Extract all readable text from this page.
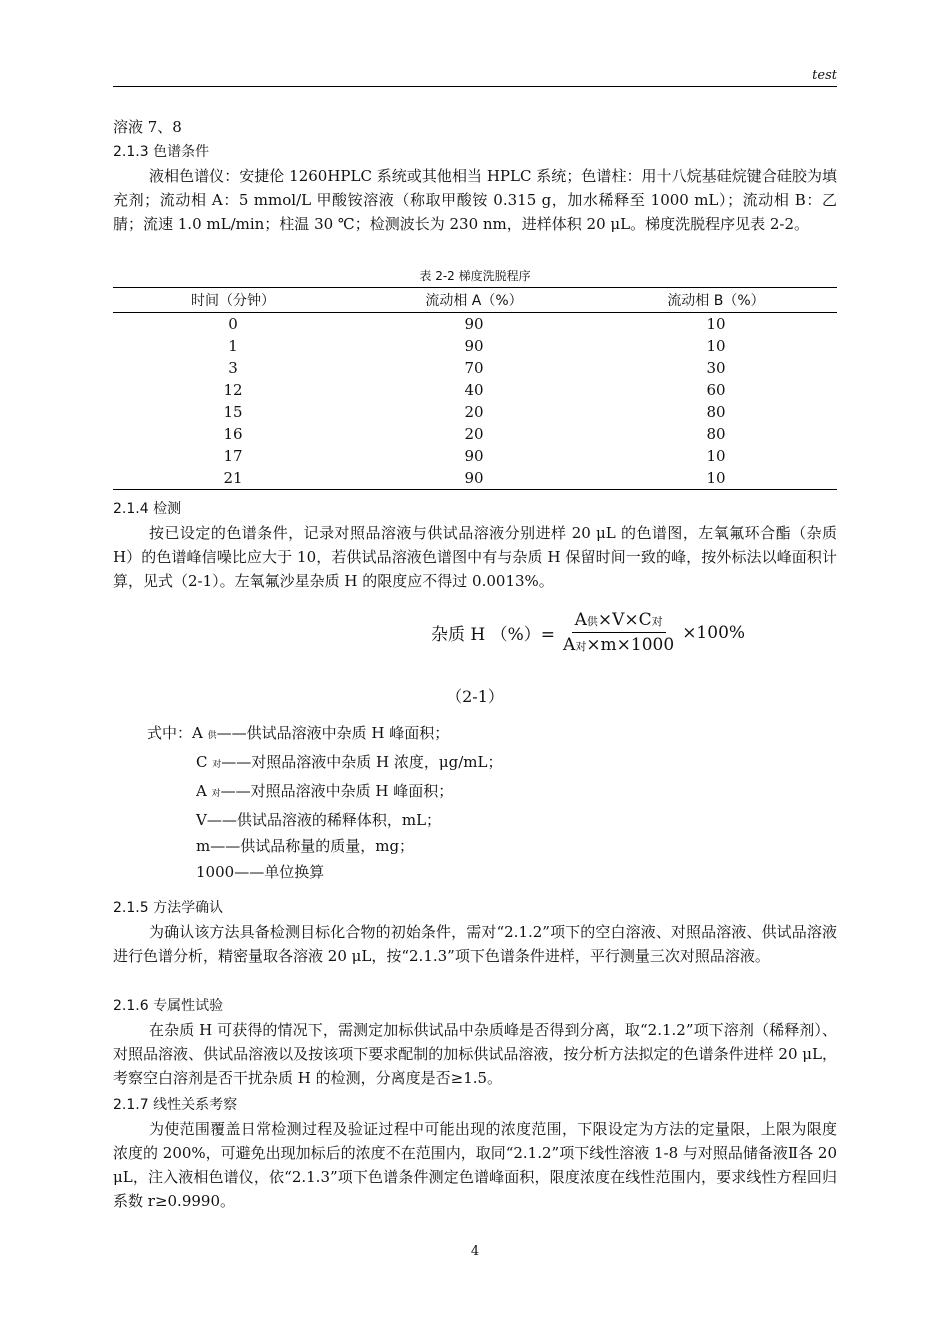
test
溶液 7、8
2.1.3 色谱条件
液相色谱仪：安捷伦 1260HPLC 系统或其他相当 HPLC 系统；色谱柱：用十八烷基硅烷键合硅胶为填充剂；流动相 A：5 mmol/L 甲酸铵溶液（称取甲酸铵 0.315 g，加水稀释至 1000 mL）；流动相 B：乙腈；流速 1.0 mL/min；柱温 30 ℃；检测波长为 230 nm，进样体积 20 μL。梯度洗脱程序见表 2-2。
表 2-2 梯度洗脱程序
时间（分钟）	流动相 A（%）	流动相 B（%）
0	90	10
1	90	10
3	70	30
12	40	60
15	20	80
16	20	80
17	90	10
21	90	10
2.1.4 检测
按已设定的色谱条件，记录对照品溶液与供试品溶液分别进样 20 μL 的色谱图，左氧氟环合酯（杂质 H）的色谱峰信噪比应大于 10，若供试品溶液色谱图中有与杂质 H 保留时间一致的峰，按外标法以峰面积计算，见式（2-1）。左氧氟沙星杂质 H 的限度应不得过 0.0013%。
杂质 H （%）= $\frac{\text{A供×V×C对}}{\text{A对×m×1000}} \times 100\%$
（2-1）
式中：A 供——供试品溶液中杂质 H 峰面积；
C 对——对照品溶液中杂质 H 浓度，μg/mL；
A 对——对照品溶液中杂质 H 峰面积；
V——供试品溶液的稀释体积，mL；
m——供试品称量的质量，mg；
1000——单位换算
2.1.5 方法学确认
为确认该方法具备检测目标化合物的初始条件，需对“2.1.2”项下的空白溶液、对照品溶液、供试品溶液进行色谱分析，精密量取各溶液 20 μL，按“2.1.3”项下色谱条件进样，平行测量三次对照品溶液。
2.1.6 专属性试验
在杂质 H 可获得的情况下，需测定加标供试品中杂质峰是否得到分离，取“2.1.2”项下溶剂（稀释剂）、对照品溶液、供试品溶液以及按该项下要求配制的加标供试品溶液，按分析方法拟定的色谱条件进样 20 μL，考察空白溶剂是否干扰杂质 H 的检测，分离度是否≥1.5。
2.1.7 线性关系考察
为使范围覆盖日常检测过程及验证过程中可能出现的浓度范围，下限设定为方法的定量限，上限为限度浓度的 200%，可避免出现加标后的浓度不在范围内，取同“2.1.2”项下线性溶液 1-8 与对照品储备液Ⅱ各 20 μL，注入液相色谱仪，依“2.1.3”项下色谱条件测定色谱峰面积，限度浓度在线性范围内，要求线性方程回归系数 r≥0.9990。
4
